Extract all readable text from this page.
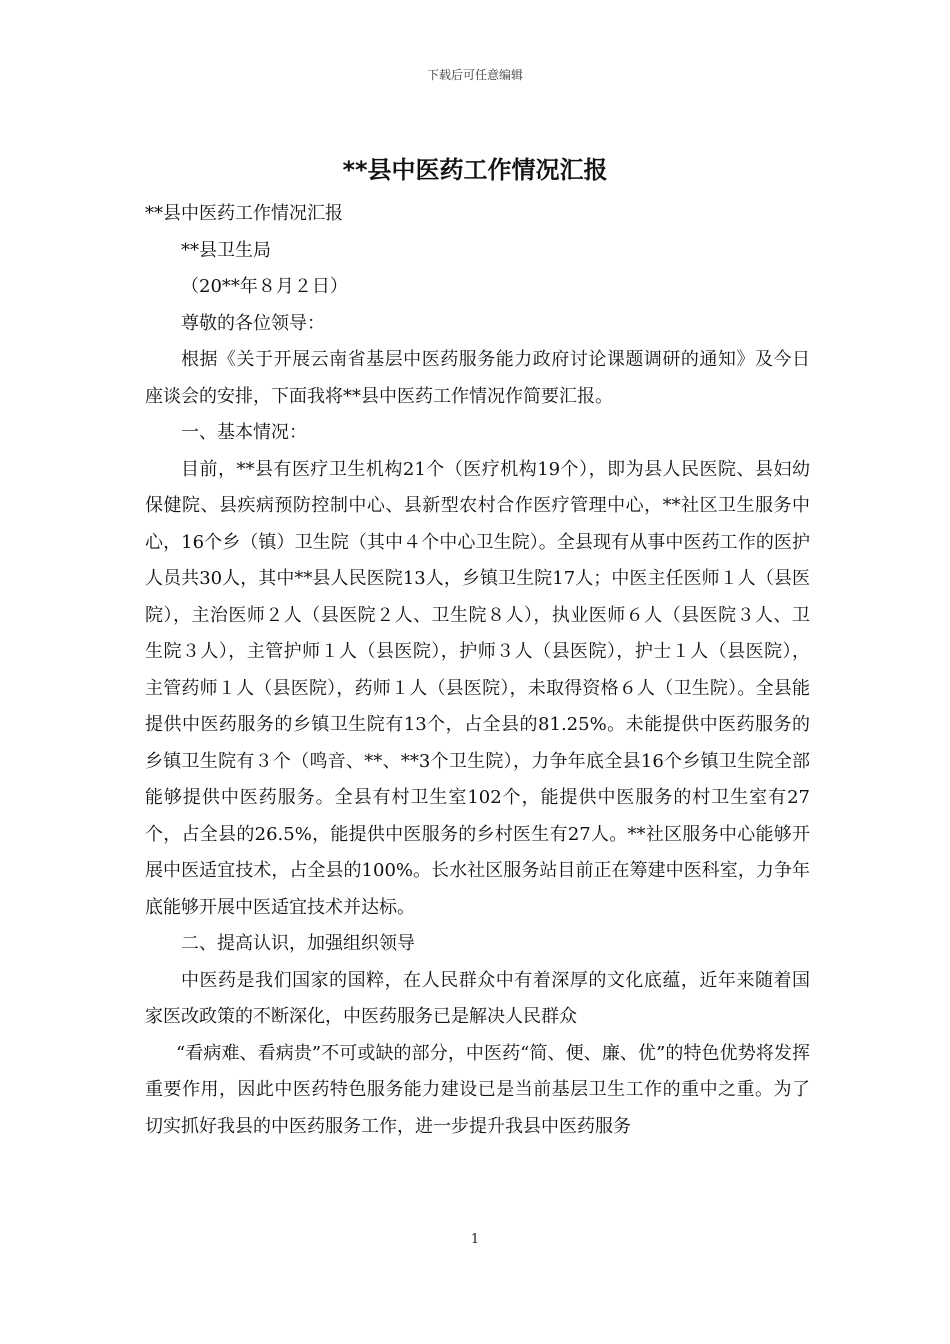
下载后可任意编辑
**县中医药工作情况汇报

**县中医药工作情况汇报

**县卫生局

（20**年８月２日）

尊敬的各位领导：

根据《关于开展云南省基层中医药服务能力政府讨论课题调研的通知》及今日座谈会的安排，下面我将**县中医药工作情况作简要汇报。

一、基本情况：

目前，**县有医疗卫生机构21个（医疗机构19个），即为县人民医院、县妇幼保健院、县疾病预防控制中心、县新型农村合作医疗管理中心，**社区卫生服务中心，16个乡（镇）卫生院（其中４个中心卫生院）。全县现有从事中医药工作的医护人员共30人，其中**县人民医院13人，乡镇卫生院17人；中医主任医师１人（县医院），主治医师２人（县医院２人、卫生院８人），执业医师６人（县医院３人、卫生院３人），主管护师１人（县医院），护师３人（县医院），护士１人（县医院），主管药师１人（县医院），药师１人（县医院），未取得资格６人（卫生院）。全县能提供中医药服务的乡镇卫生院有13个，占全县的81.25%。未能提供中医药服务的乡镇卫生院有３个（鸣音、**、**3个卫生院），力争年底全县16个乡镇卫生院全部能够提供中医药服务。全县有村卫生室102个，能提供中医服务的村卫生室有27个，占全县的26.5%，能提供中医服务的乡村医生有27人。**社区服务中心能够开展中医适宜技术，占全县的100%。长水社区服务站目前正在筹建中医科室，力争年底能够开展中医适宜技术并达标。

二、提高认识，加强组织领导

中医药是我们国家的国粹，在人民群众中有着深厚的文化底蕴，近年来随着国家医改政策的不断深化，中医药服务已是解决人民群众

“看病难、看病贵”不可或缺的部分，中医药“简、便、廉、优”的特色优势将发挥重要作用，因此中医药特色服务能力建设已是当前基层卫生工作的重中之重。为了切实抓好我县的中医药服务工作，进一步提升我县中医药服务

1
